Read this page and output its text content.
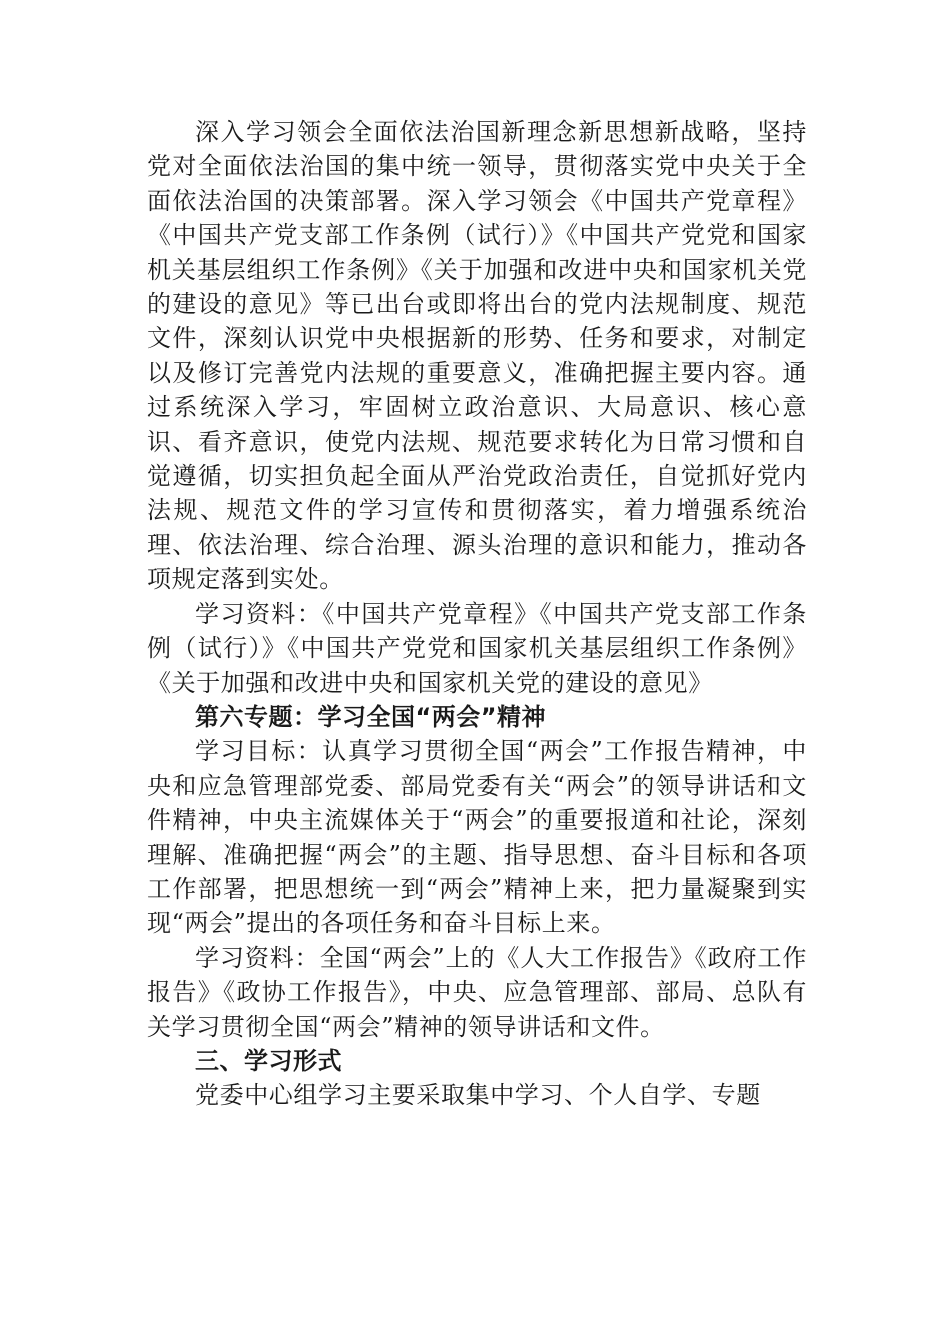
深入学习领会全面依法治国新理念新思想新战略，坚持党对全面依法治国的集中统一领导，贯彻落实党中央关于全面依法治国的决策部署。深入学习领会《中国共产党章程》《中国共产党支部工作条例（试行）》《中国共产党党和国家机关基层组织工作条例》《关于加强和改进中央和国家机关党的建设的意见》等已出台或即将出台的党内法规制度、规范文件，深刻认识党中央根据新的形势、任务和要求，对制定以及修订完善党内法规的重要意义，准确把握主要内容。通过系统深入学习，牢固树立政治意识、大局意识、核心意识、看齐意识，使党内法规、规范要求转化为日常习惯和自觉遵循，切实担负起全面从严治党政治责任，自觉抓好党内法规、规范文件的学习宣传和贯彻落实，着力增强系统治理、依法治理、综合治理、源头治理的意识和能力，推动各项规定落到实处。

学习资料：《中国共产党章程》《中国共产党支部工作条例（试行）》《中国共产党党和国家机关基层组织工作条例》《关于加强和改进中央和国家机关党的建设的意见》

第六专题：学习全国“两会”精神

学习目标：认真学习贯彻全国“两会”工作报告精神，中央和应急管理部党委、部局党委有关“两会”的领导讲话和文件精神，中央主流媒体关于“两会”的重要报道和社论，深刻理解、准确把握“两会”的主题、指导思想、奋斗目标和各项工作部署，把思想统一到“两会”精神上来，把力量凝聚到实现“两会”提出的各项任务和奋斗目标上来。

学习资料：全国“两会”上的《人大工作报告》《政府工作报告》《政协工作报告》，中央、应急管理部、部局、总队有关学习贯彻全国“两会”精神的领导讲话和文件。

三、学习形式

党委中心组学习主要采取集中学习、个人自学、专题
